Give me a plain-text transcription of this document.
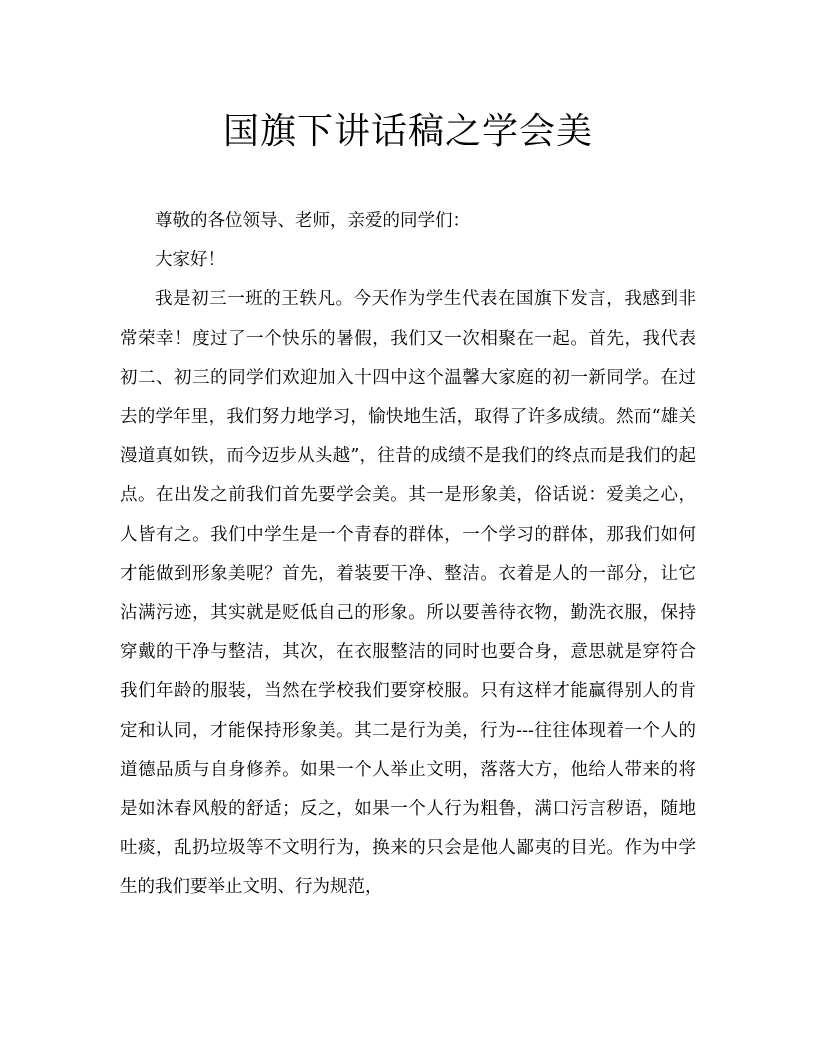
国旗下讲话稿之学会美

尊敬的各位领导、老师，亲爱的同学们：

大家好！

我是初三一班的王轶凡。今天作为学生代表在国旗下发言，我感到非常荣幸！度过了一个快乐的暑假，我们又一次相聚在一起。首先，我代表初二、初三的同学们欢迎加入十四中这个温馨大家庭的初一新同学。在过去的学年里，我们努力地学习，愉快地生活，取得了许多成绩。然而“雄关漫道真如铁，而今迈步从头越”，往昔的成绩不是我们的终点而是我们的起点。在出发之前我们首先要学会美。其一是形象美，俗话说：爱美之心，人皆有之。我们中学生是一个青春的群体，一个学习的群体，那我们如何才能做到形象美呢？首先，着装要干净、整洁。衣着是人的一部分，让它沾满污迹，其实就是贬低自己的形象。所以要善待衣物，勤洗衣服，保持穿戴的干净与整洁，其次，在衣服整洁的同时也要合身，意思就是穿符合我们年龄的服装，当然在学校我们要穿校服。只有这样才能赢得别人的肯定和认同，才能保持形象美。其二是行为美，行为---往往体现着一个人的道德品质与自身修养。如果一个人举止文明，落落大方，他给人带来的将是如沐春风般的舒适；反之，如果一个人行为粗鲁，满口污言秽语，随地吐痰，乱扔垃圾等不文明行为，换来的只会是他人鄙夷的目光。作为中学生的我们要举止文明、行为规范，
